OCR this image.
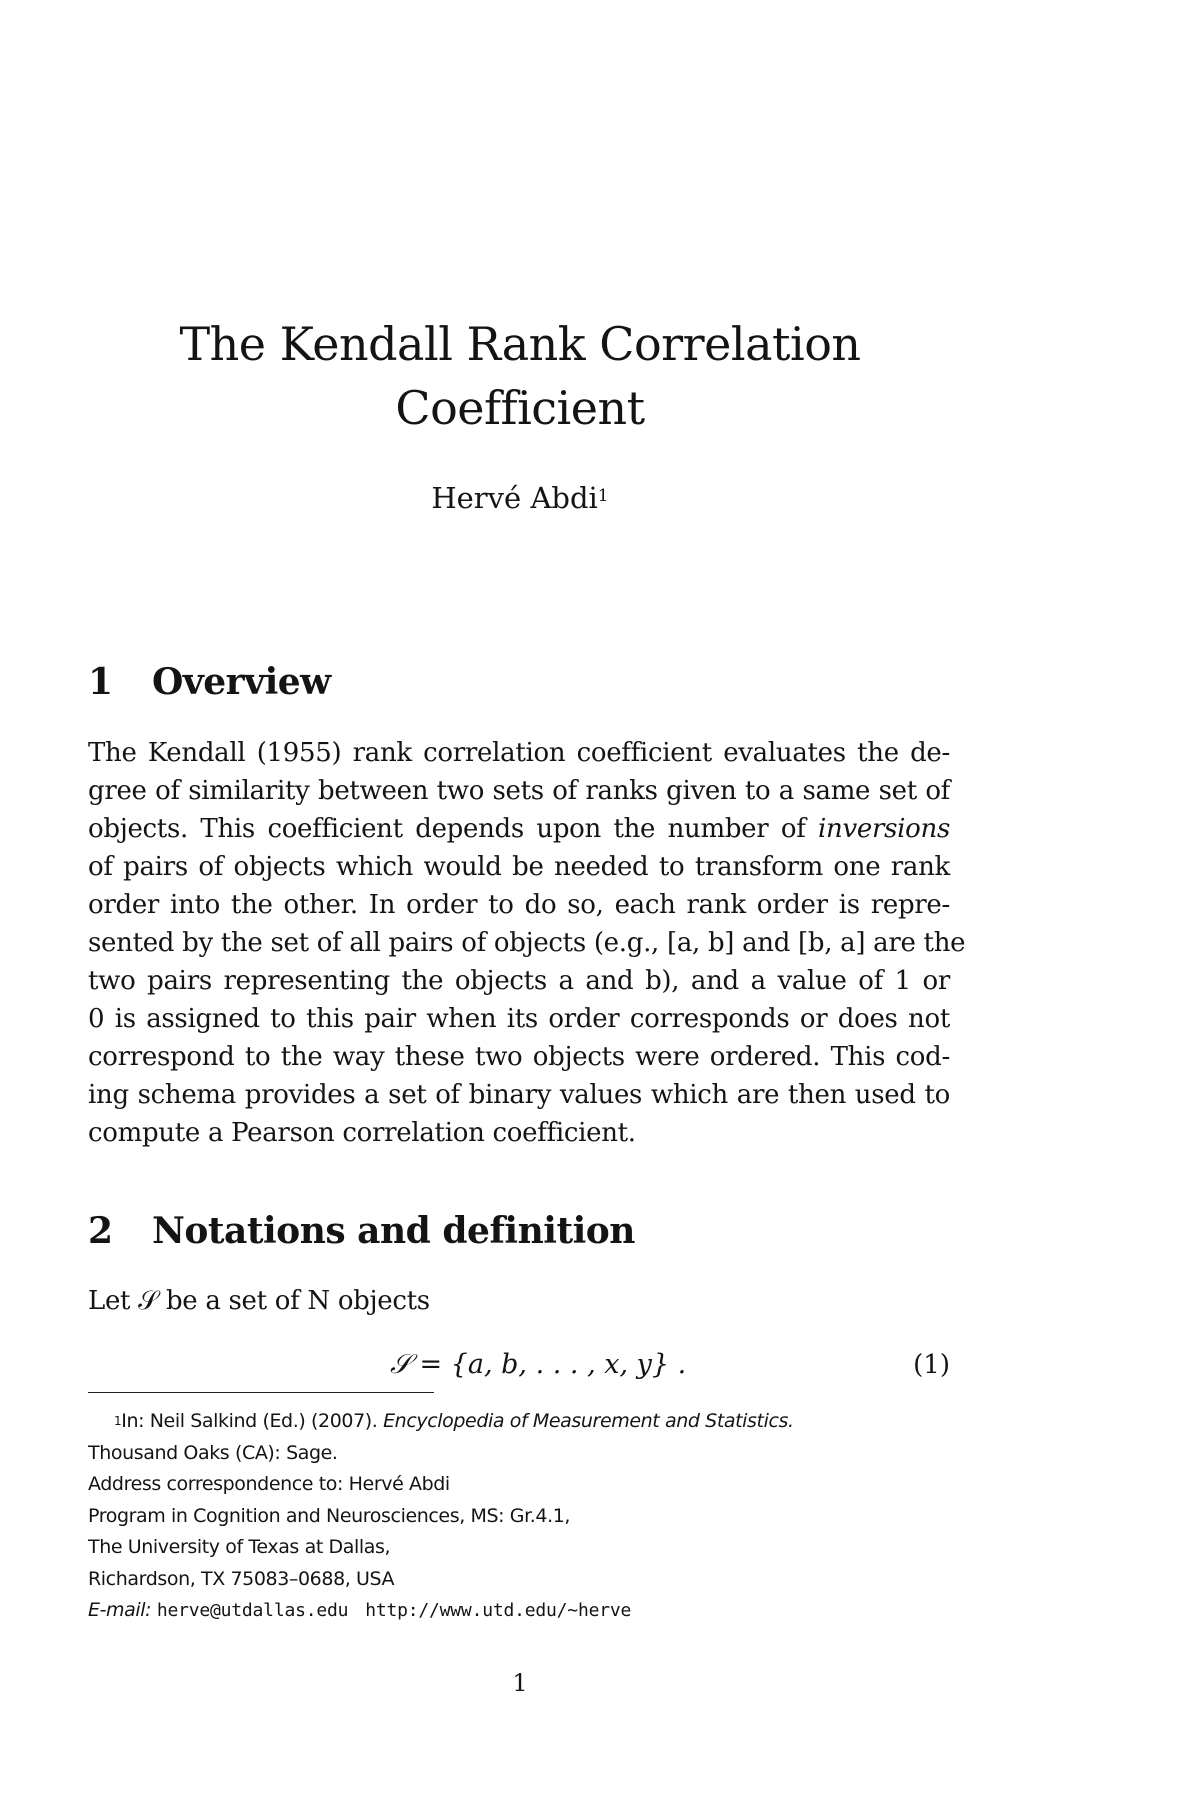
The Kendall Rank Correlation
Coefficient
Hervé Abdi$^1$
1 Overview

The Kendall (1955) rank correlation coefficient evaluates the de-
gree of similarity between two sets of ranks given to a same set of
objects. This coefficient depends upon the number of inversions
of pairs of objects which would be needed to transform one rank
order into the other. In order to do so, each rank order is repre-
sented by the set of all pairs of objects (e.g., [a, b] and [b, a] are the
two pairs representing the objects a and b), and a value of 1 or
0 is assigned to this pair when its order corresponds or does not
correspond to the way these two objects were ordered. This cod-
ing schema provides a set of binary values which are then used to
compute a Pearson correlation coefficient.

2 Notations and definition
Let 𝒮 be a set of N objects
𝒮 = {a, b, . . . , x, y} .	(1)
$^1$In: Neil Salkind (Ed.) (2007). Encyclopedia of Measurement and Statistics.
Thousand Oaks (CA): Sage.
Address correspondence to: Hervé Abdi
Program in Cognition and Neurosciences, MS: Gr.4.1,
The University of Texas at Dallas,
Richardson, TX 75083–0688, USA
E-mail: herve@utdallas.edu http://www.utd.edu/∼herve
1
